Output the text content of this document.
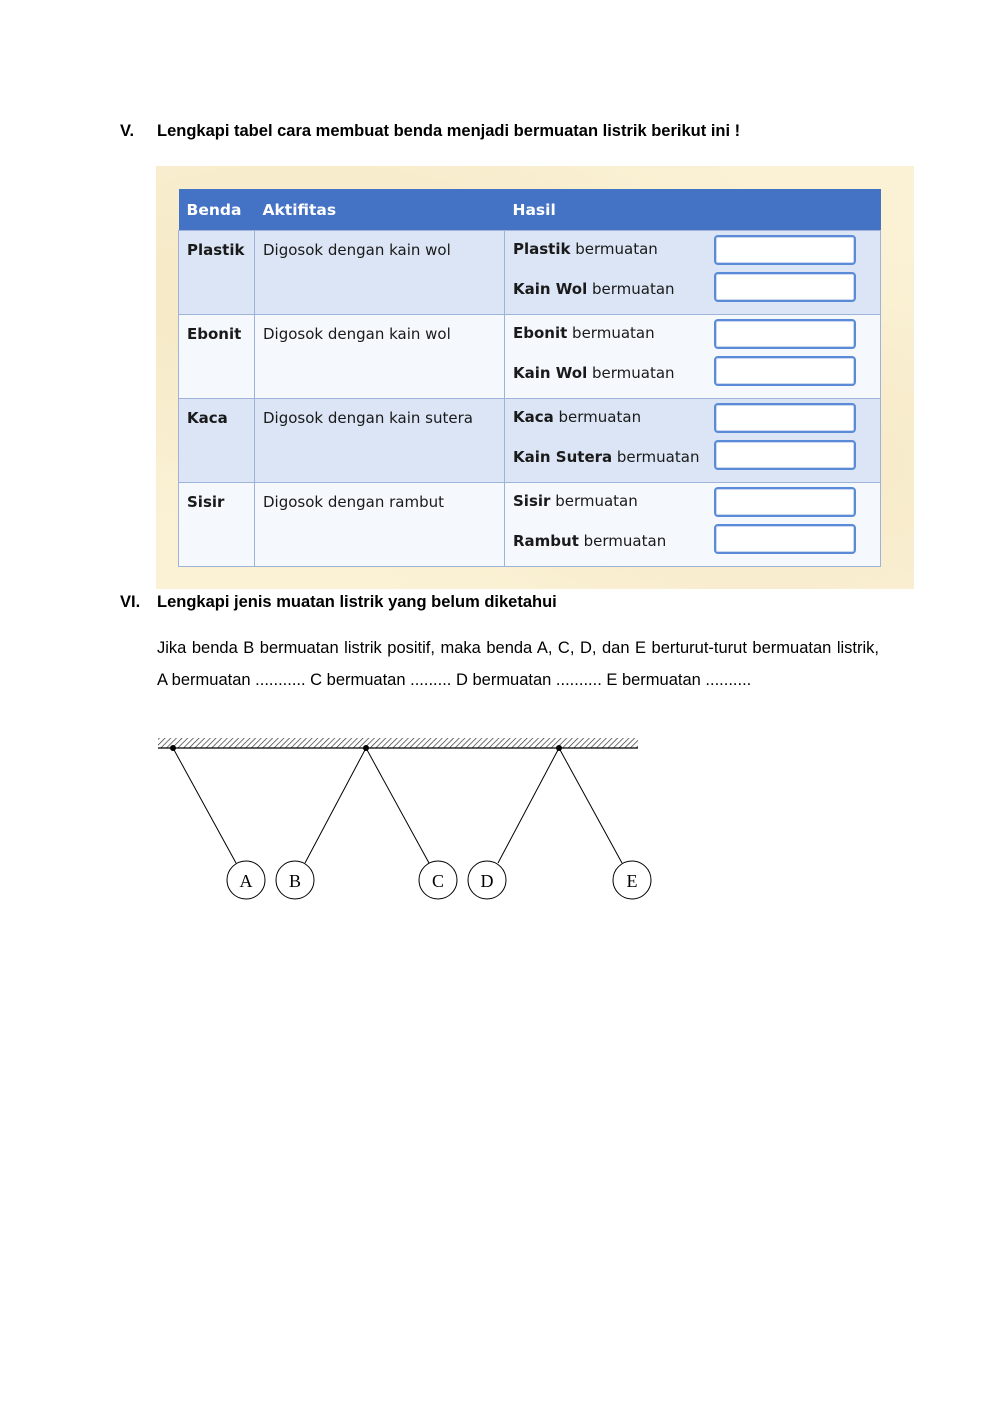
V. Lengkapi tabel cara membuat benda menjadi bermuatan listrik berikut ini !
Benda	Aktifitas	Hasil
Plastik	Digosok dengan kain wol	Plastik bermuatan
Kain Wol bermuatan

Ebonit	Digosok dengan kain wol	Ebonit bermuatan
Kain Wol bermuatan

Kaca	Digosok dengan kain sutera	Kaca bermuatan
Kain Sutera bermuatan

Sisir	Digosok dengan rambut	Sisir bermuatan
Rambut bermuatan
VI. Lengkapi jenis muatan listrik yang belum diketahui
Jika benda B bermuatan listrik positif, maka benda A, C, D, dan E berturut-turut bermuatan listrik, A bermuatan ........... C bermuatan ......... D bermuatan .......... E bermuatan ..........
A B	C D	E
